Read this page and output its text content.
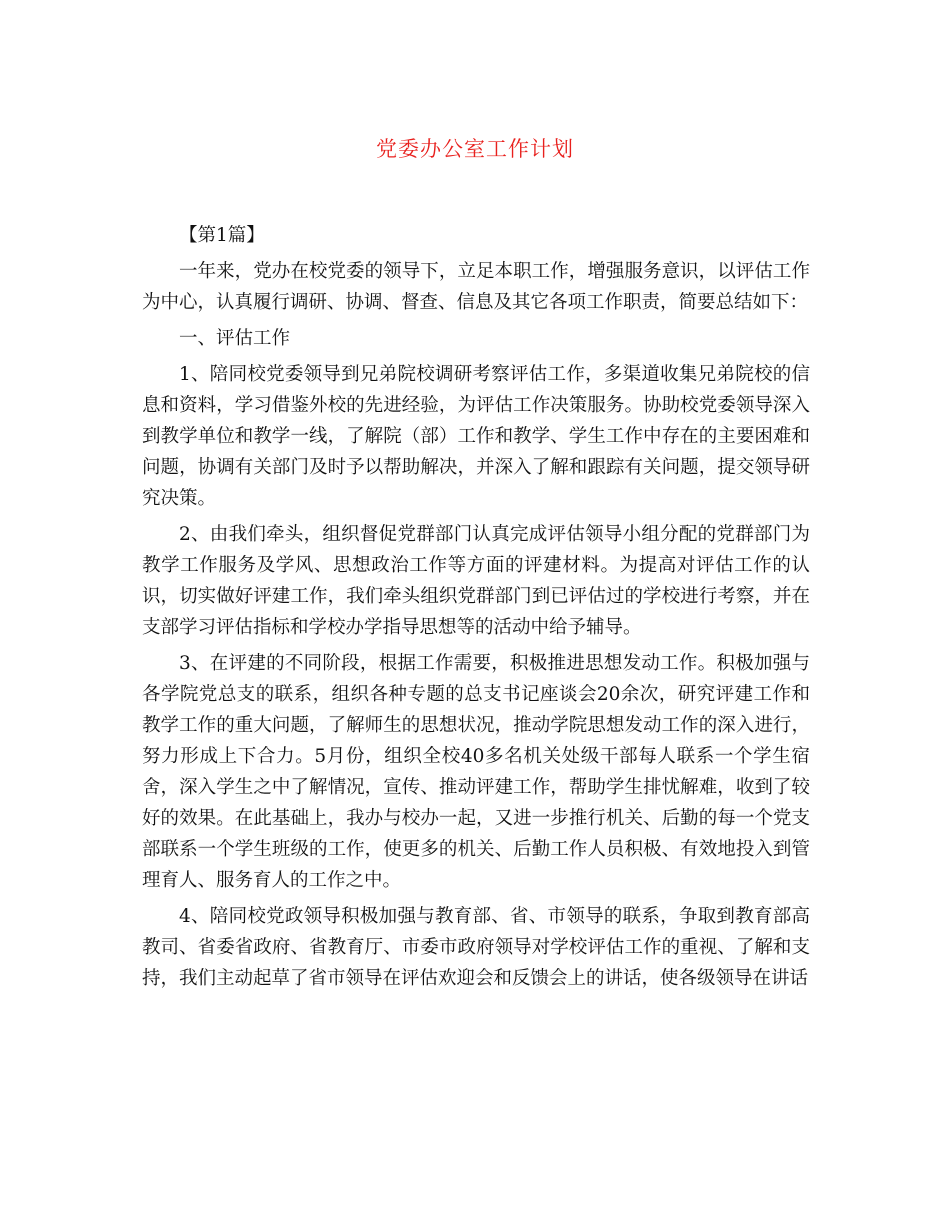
党委办公室工作计划

【第1篇】

一年来，党办在校党委的领导下，立足本职工作，增强服务意识，以评估工作为中心，认真履行调研、协调、督查、信息及其它各项工作职责，简要总结如下：

一、评估工作

1、陪同校党委领导到兄弟院校调研考察评估工作，多渠道收集兄弟院校的信息和资料，学习借鉴外校的先进经验，为评估工作决策服务。协助校党委领导深入到教学单位和教学一线，了解院（部）工作和教学、学生工作中存在的主要困难和问题，协调有关部门及时予以帮助解决，并深入了解和跟踪有关问题，提交领导研究决策。

2、由我们牵头，组织督促党群部门认真完成评估领导小组分配的党群部门为教学工作服务及学风、思想政治工作等方面的评建材料。为提高对评估工作的认识，切实做好评建工作，我们牵头组织党群部门到已评估过的学校进行考察，并在支部学习评估指标和学校办学指导思想等的活动中给予辅导。

3、在评建的不同阶段，根据工作需要，积极推进思想发动工作。积极加强与各学院党总支的联系，组织各种专题的总支书记座谈会20余次，研究评建工作和教学工作的重大问题，了解师生的思想状况，推动学院思想发动工作的深入进行，努力形成上下合力。5月份，组织全校40多名机关处级干部每人联系一个学生宿舍，深入学生之中了解情况，宣传、推动评建工作，帮助学生排忧解难，收到了较好的效果。在此基础上，我办与校办一起，又进一步推行机关、后勤的每一个党支部联系一个学生班级的工作，使更多的机关、后勤工作人员积极、有效地投入到管理育人、服务育人的工作之中。

4、陪同校党政领导积极加强与教育部、省、市领导的联系，争取到教育部高教司、省委省政府、省教育厅、市委市政府领导对学校评估工作的重视、了解和支持，我们主动起草了省市领导在评估欢迎会和反馈会上的讲话，使各级领导在讲话
